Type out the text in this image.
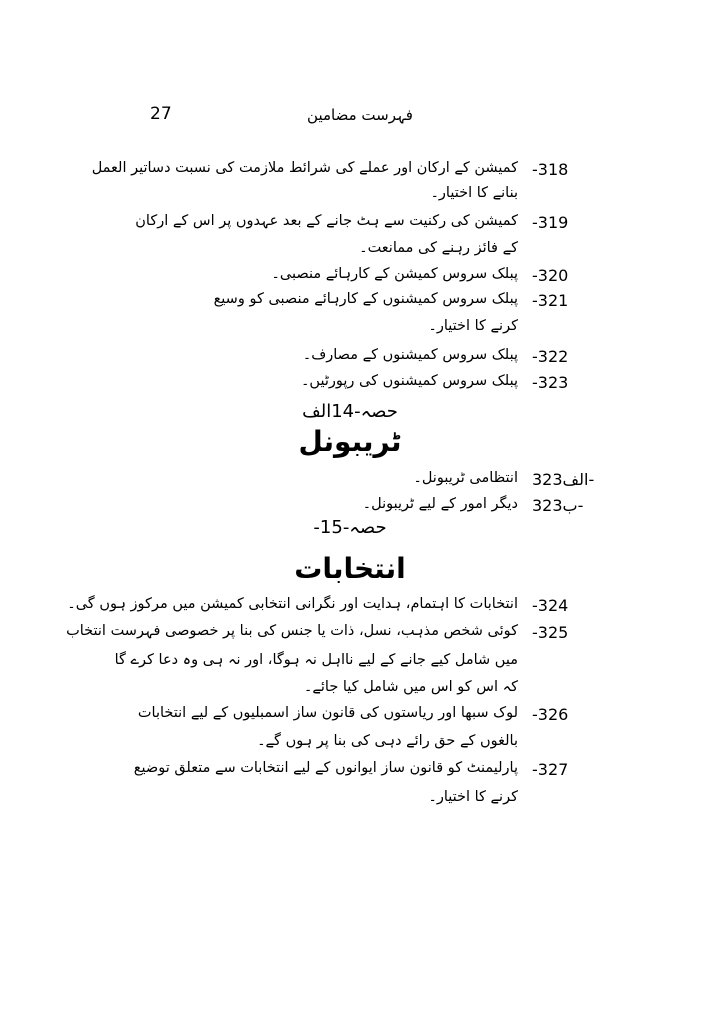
27	فہرست مضامین
-318
کمیشن کے ارکان اور عملے کی شرائط ملازمت کی نسبت دساتیر العمل
بنانے کا اختیار۔
-319
کمیشن کی رکنیت سے ہٹ جانے کے بعد عہدوں پر اس کے ارکان
کے فائز رہنے کی ممانعت۔
-320
پبلک سروس کمیشن کے کارہائے منصبی۔
-321
پبلک سروس کمیشنوں کے کارہائے منصبی کو وسیع
کرنے کا اختیار۔
-322
پبلک سروس کمیشنوں کے مصارف۔
-323
پبلک سروس کمیشنوں کی رپورٹیں۔
حصہ-14الف
ٹریبونل
323الف-
انتظامی ٹریبونل۔
323ب-
دیگر امور کے لیے ٹریبونل۔
حصہ-15-
انتخابات
-324
انتخابات کا اہتمام، ہدایت اور نگرانی انتخابی کمیشن میں مرکوز ہوں گی۔
-325
کوئی شخص مذہب، نسل، ذات یا جنس کی بنا پر خصوصی فہرست انتخاب
میں شامل کیے جانے کے لیے نااہل نہ ہوگا، اور نہ ہی وہ دعا کرے گا
کہ اس کو اس میں شامل کیا جائے۔
-326
لوک سبھا اور ریاستوں کی قانون ساز اسمبلیوں کے لیے انتخابات
بالغوں کے حق رائے دہی کی بنا پر ہوں گے۔
-327
پارلیمنٹ کو قانون ساز ایوانوں کے لیے انتخابات سے متعلق توضیع
کرنے کا اختیار۔
